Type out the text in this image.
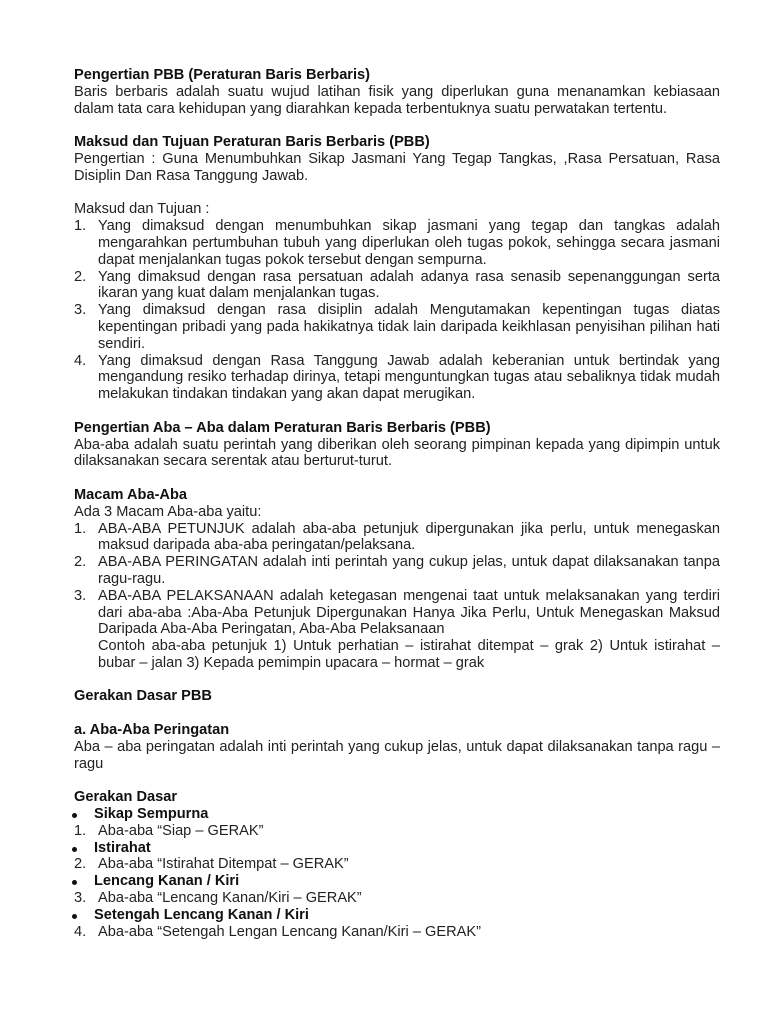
Pengertian PBB (Peraturan Baris Berbaris)

Baris berbaris adalah suatu wujud latihan fisik yang diperlukan guna menanamkan kebiasaan dalam tata cara kehidupan yang diarahkan kepada terbentuknya suatu perwatakan tertentu.

Maksud dan Tujuan Peraturan Baris Berbaris (PBB)

Pengertian : Guna Menumbuhkan Sikap Jasmani Yang Tegap Tangkas, ,Rasa Persatuan, Rasa Disiplin Dan Rasa Tanggung Jawab.

Maksud dan Tujuan :

1. Yang dimaksud dengan menumbuhkan sikap jasmani yang tegap dan tangkas adalah mengarahkan pertumbuhan tubuh yang diperlukan oleh tugas pokok, sehingga secara jasmani dapat menjalankan tugas pokok tersebut dengan sempurna.
2. Yang dimaksud dengan rasa persatuan adalah adanya rasa senasib sepenanggungan serta ikaran yang kuat dalam menjalankan tugas.
3. Yang dimaksud dengan rasa disiplin adalah Mengutamakan kepentingan tugas diatas kepentingan pribadi yang pada hakikatnya tidak lain daripada keikhlasan penyisihan pilihan hati sendiri.
4. Yang dimaksud dengan Rasa Tanggung Jawab adalah keberanian untuk bertindak yang mengandung resiko terhadap dirinya, tetapi menguntungkan tugas atau sebaliknya tidak mudah melakukan tindakan tindakan yang akan dapat merugikan.

Pengertian Aba – Aba dalam Peraturan Baris Berbaris (PBB)

Aba-aba adalah suatu perintah yang diberikan oleh seorang pimpinan kepada yang dipimpin untuk dilaksanakan secara serentak atau berturut-turut.

Macam Aba-Aba

Ada 3 Macam Aba-aba yaitu:

1. ABA-ABA PETUNJUK adalah aba-aba petunjuk dipergunakan jika perlu, untuk menegaskan maksud daripada aba-aba peringatan/pelaksana.
2. ABA-ABA PERINGATAN adalah inti perintah yang cukup jelas, untuk dapat dilaksanakan tanpa ragu-ragu.
3. ABA-ABA PELAKSANAAN adalah ketegasan mengenai taat untuk melaksanakan yang terdiri dari aba-aba :Aba-Aba Petunjuk Dipergunakan Hanya Jika Perlu, Untuk Menegaskan Maksud Daripada Aba-Aba Peringatan, Aba-Aba Pelaksanaan

Contoh aba-aba petunjuk 1) Untuk perhatian – istirahat ditempat – grak 2) Untuk istirahat – bubar – jalan 3) Kepada pemimpin upacara – hormat – grak

Gerakan Dasar PBB

a. Aba-Aba Peringatan

Aba – aba peringatan adalah inti perintah yang cukup jelas, untuk dapat dilaksanakan tanpa ragu – ragu

Gerakan Dasar

Sikap Sempurna
1. Aba-aba “Siap – GERAK”
Istirahat
2. Aba-aba “Istirahat Ditempat – GERAK”
Lencang Kanan / Kiri
3. Aba-aba “Lencang Kanan/Kiri – GERAK”
Setengah Lencang Kanan / Kiri
4. Aba-aba “Setengah Lengan Lencang Kanan/Kiri – GERAK”
